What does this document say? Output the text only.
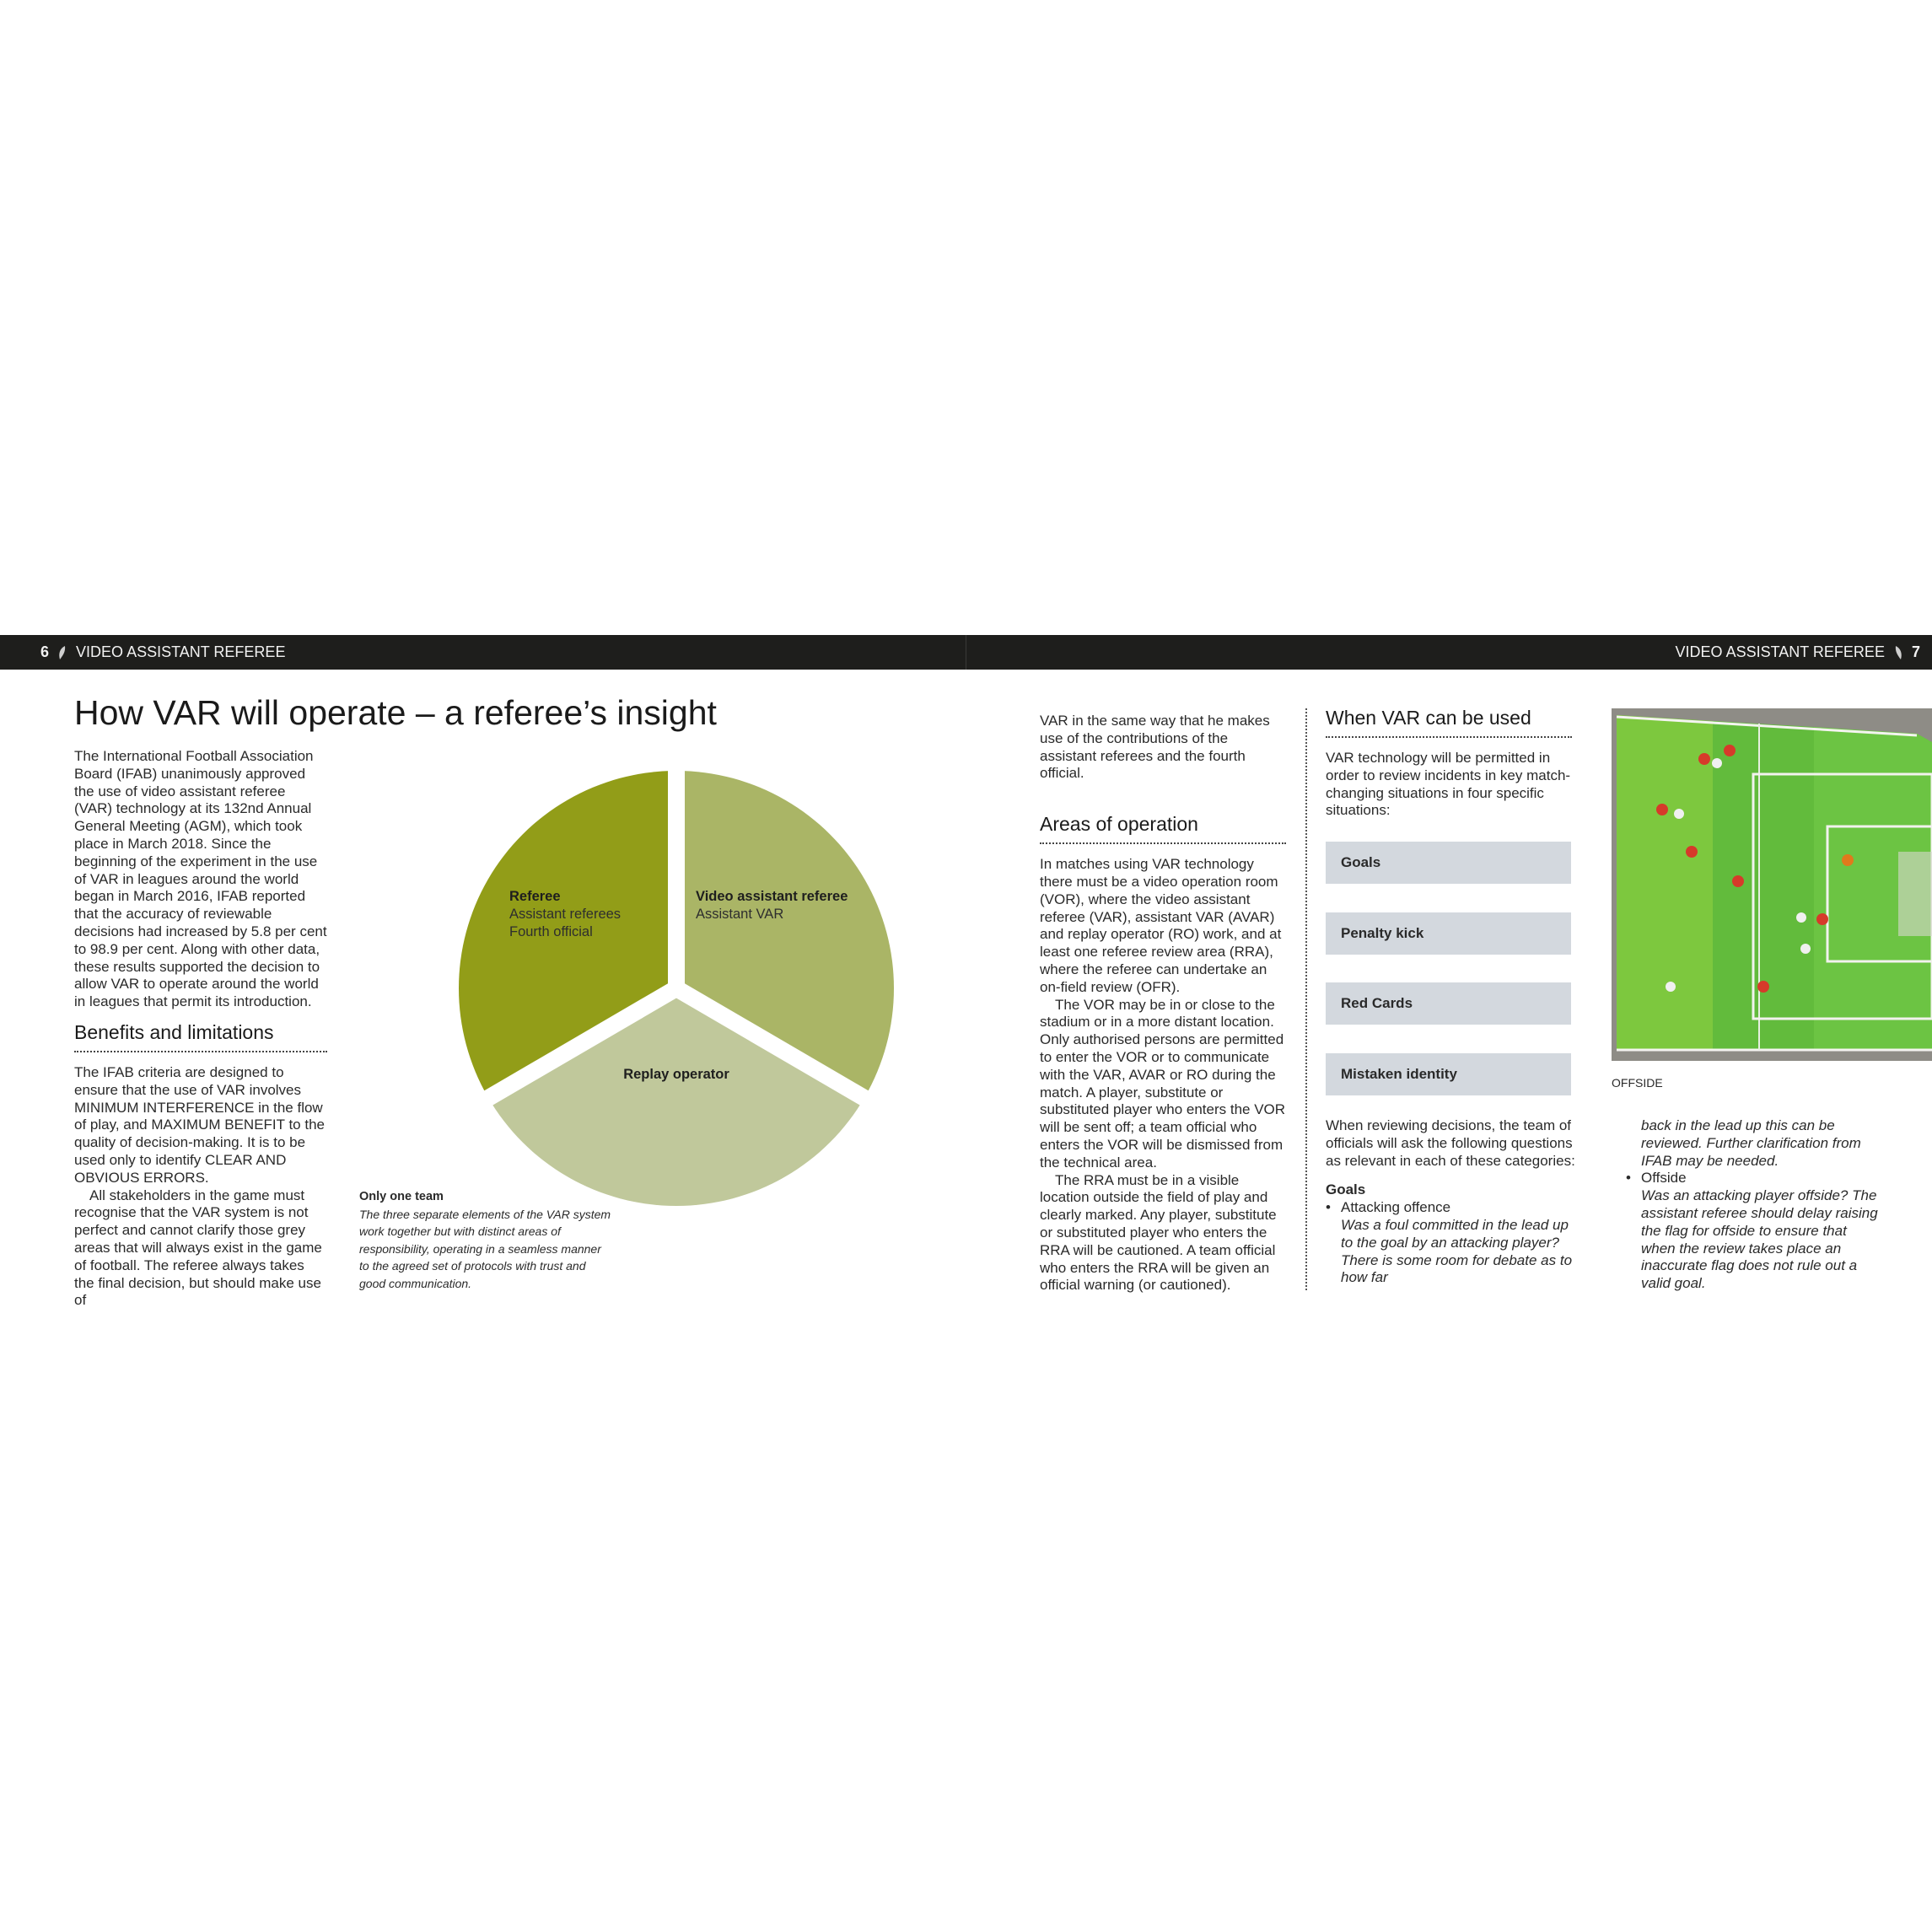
6 VIDEO ASSISTANT REFEREE	VIDEO ASSISTANT REFEREE 7
How VAR will operate – a referee’s insight

The International Football Association Board (IFAB) unanimously approved the use of video assistant referee (VAR) technology at its 132nd Annual General Meeting (AGM), which took place in March 2018. Since the beginning of the experiment in the use of VAR in leagues around the world began in March 2016, IFAB reported that the accuracy of reviewable decisions had increased by 5.8 per cent to 98.9 per cent. Along with other data, these results supported the decision to allow VAR to operate around the world in leagues that permit its introduction.

Benefits and limitations

The IFAB criteria are designed to ensure that the use of VAR involves MINIMUM INTERFERENCE in the flow of play, and MAXIMUM BENEFIT to the quality of decision-making. It is to be used only to identify CLEAR AND OBVIOUS ERRORS.

All stakeholders in the game must recognise that the VAR system is not perfect and cannot clarify those grey areas that will always exist in the game of football. The referee always takes the final decision, but should make use of

Referee
Assistant referees
Fourth official
Video assistant referee
Assistant VAR
Replay operator
Only one team
The three separate elements of the VAR system work together but with distinct areas of responsibility, operating in a seamless manner to the agreed set of protocols with trust and good communication.

VAR in the same way that he makes use of the contributions of the assistant referees and the fourth official.

Areas of operation

In matches using VAR technology there must be a video operation room (VOR), where the video assistant referee (VAR), assistant VAR (AVAR) and replay operator (RO) work, and at least one referee review area (RRA), where the referee can undertake an on-field review (OFR).

The VOR may be in or close to the stadium or in a more distant location. Only authorised persons are permitted to enter the VOR or to communicate with the VAR, AVAR or RO during the match. A player, substitute or substituted player who enters the VOR will be sent off; a team official who enters the VOR will be dismissed from the technical area.

The RRA must be in a visible location outside the field of play and clearly marked. Any player, substitute or substituted player who enters the RRA will be cautioned. A team official who enters the RRA will be given an official warning (or cautioned).

When VAR can be used

VAR technology will be permitted in order to review incidents in key match-changing situations in four specific situations:

Goals
Penalty kick
Red Cards
Mistaken identity

When reviewing decisions, the team of officials will ask the following questions as relevant in each of these categories:

Goals

• Attacking offence

Was a foul committed in the lead up to the goal by an attacking player? There is some room for debate as to how far

OFFSIDE

back in the lead up this can be reviewed. Further clarification from IFAB may be needed.

• Offside

Was an attacking player offside? The assistant referee should delay raising the flag for offside to ensure that when the review takes place an inaccurate flag does not rule out a valid goal.
